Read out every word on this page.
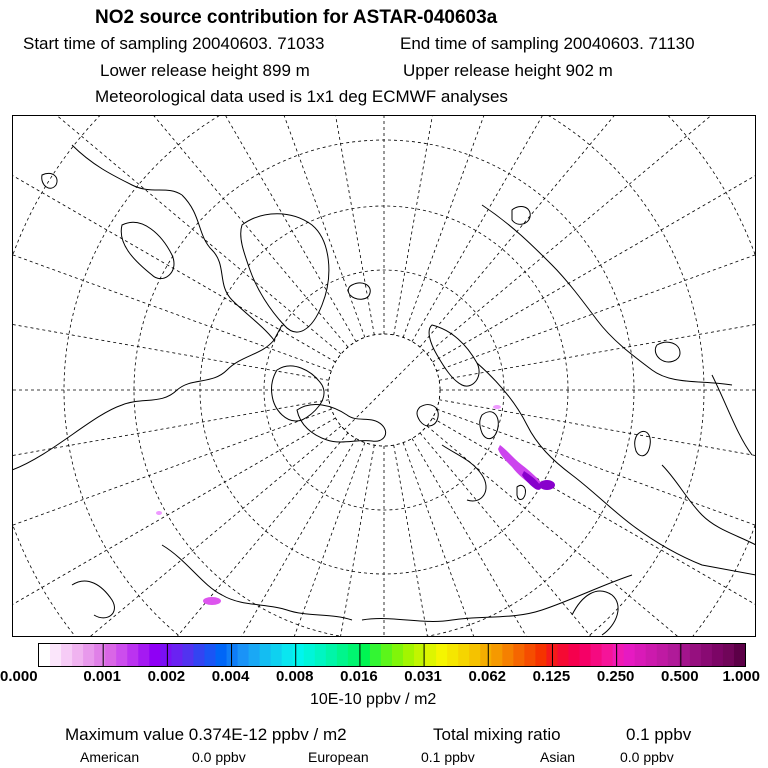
NO2 source contribution for ASTAR-040603a
Start time of sampling 20040603. 71033	End time of sampling 20040603. 71130
Lower release height 899 m	Upper release height 902 m
Meteorological data used is 1x1 deg ECMWF analyses
0.000	0.001 0.002 0.004 0.008 0.016 0.031 0.062 0.125 0.250 0.500 1.000
10E-10 ppbv / m2
Maximum value 0.374E-12 ppbv / m2	Total mixing ratio	0.1 ppbv
American	0.0 ppbv	European	0.1 ppbv	Asian	0.0 ppbv
